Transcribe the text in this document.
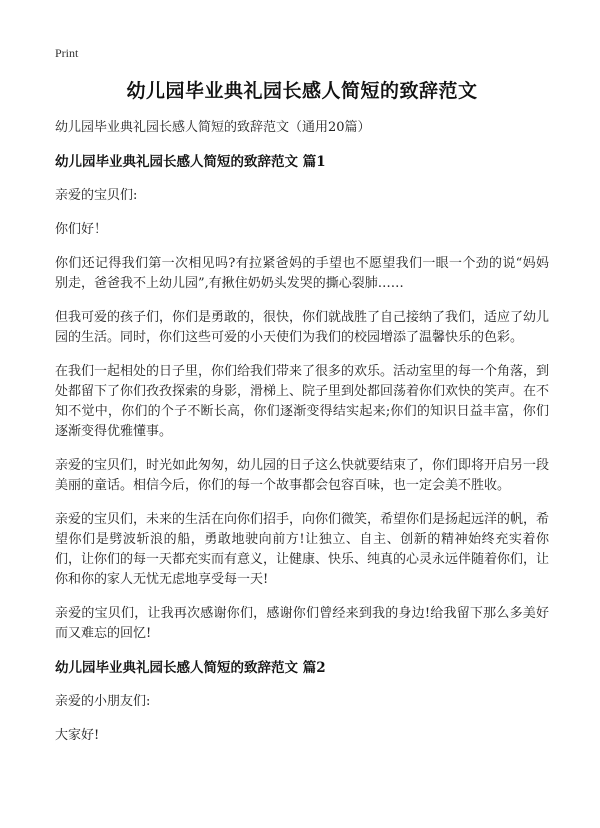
Print
幼儿园毕业典礼园长感人简短的致辞范文
幼儿园毕业典礼园长感人简短的致辞范文（通用20篇）
幼儿园毕业典礼园长感人简短的致辞范文 篇1

亲爱的宝贝们:

你们好！

你们还记得我们第一次相见吗?有拉紧爸妈的手望也不愿望我们一眼一个劲的说“妈妈别走，爸爸我不上幼儿园”,有揪住奶奶头发哭的撕心裂肺……

但我可爱的孩子们，你们是勇敢的，很快，你们就战胜了自己接纳了我们，适应了幼儿园的生活。同时，你们这些可爱的小天使们为我们的校园增添了温馨快乐的色彩。

在我们一起相处的日子里，你们给我们带来了很多的欢乐。活动室里的每一个角落，到处都留下了你们孜孜探索的身影，滑梯上、院子里到处都回荡着你们欢快的笑声。在不知不觉中，你们的个子不断长高，你们逐渐变得结实起来;你们的知识日益丰富，你们逐渐变得优雅懂事。

亲爱的宝贝们，时光如此匆匆，幼儿园的日子这么快就要结束了，你们即将开启另一段美丽的童话。相信今后，你们的每一个故事都会包容百味，也一定会美不胜收。

亲爱的宝贝们，未来的生活在向你们招手，向你们微笑，希望你们是扬起远洋的帆，希望你们是劈波斩浪的船，勇敢地驶向前方!让独立、自主、创新的精神始终充实着你们，让你们的每一天都充实而有意义，让健康、快乐、纯真的心灵永远伴随着你们，让你和你的家人无忧无虑地享受每一天!

亲爱的宝贝们，让我再次感谢你们，感谢你们曾经来到我的身边!给我留下那么多美好而又难忘的回忆!

幼儿园毕业典礼园长感人简短的致辞范文 篇2

亲爱的小朋友们:

大家好!
